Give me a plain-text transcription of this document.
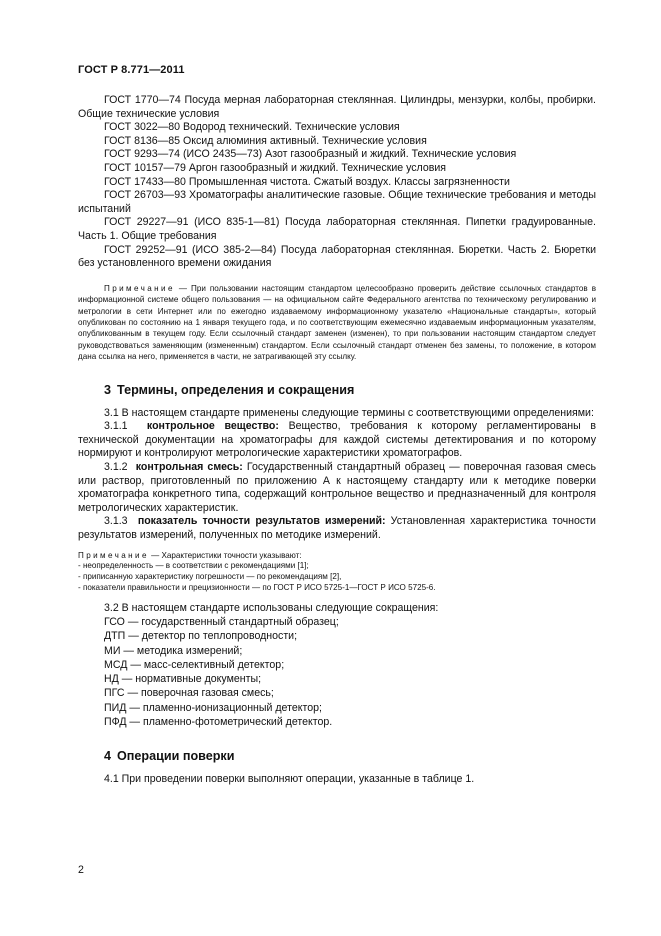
ГОСТ Р 8.771—2011

ГОСТ 1770—74 Посуда мерная лабораторная стеклянная. Цилиндры, мензурки, колбы, пробирки. Общие технические условия

ГОСТ 3022—80 Водород технический. Технические условия

ГОСТ 8136—85 Оксид алюминия активный. Технические условия

ГОСТ 9293—74 (ИСО 2435—73) Азот газообразный и жидкий. Технические условия

ГОСТ 10157—79 Аргон газообразный и жидкий. Технические условия

ГОСТ 17433—80 Промышленная чистота. Сжатый воздух. Классы загрязненности

ГОСТ 26703—93 Хроматографы аналитические газовые. Общие технические требования и методы испытаний

ГОСТ 29227—91 (ИСО 835-1—81) Посуда лабораторная стеклянная. Пипетки градуированные. Часть 1. Общие требования

ГОСТ 29252—91 (ИСО 385-2—84) Посуда лабораторная стеклянная. Бюретки. Часть 2. Бюретки без установленного времени ожидания

Примечание — При пользовании настоящим стандартом целесообразно проверить действие ссылочных стандартов в информационной системе общего пользования — на официальном сайте Федерального агентства по техническому регулированию и метрологии в сети Интернет или по ежегодно издаваемому информационному указателю «Национальные стандарты», который опубликован по состоянию на 1 января текущего года, и по соответствующим ежемесячно издаваемым информационным указателям, опубликованным в текущем году. Если ссылочный стандарт заменен (изменен), то при пользовании настоящим стандартом следует руководствоваться заменяющим (измененным) стандартом. Если ссылочный стандарт отменен без замены, то положение, в котором дана ссылка на него, применяется в части, не затрагивающей эту ссылку.

3 Термины, определения и сокращения

3.1 В настоящем стандарте применены следующие термины с соответствующими определениями:

3.1.1 контрольное вещество: Вещество, требования к которому регламентированы в технической документации на хроматографы для каждой системы детектирования и по которому нормируют и контролируют метрологические характеристики хроматографов.

3.1.2 контрольная смесь: Государственный стандартный образец — поверочная газовая смесь или раствор, приготовленный по приложению А к настоящему стандарту или к методике поверки хроматографа конкретного типа, содержащий контрольное вещество и предназначенный для контроля метрологических характеристик.

3.1.3 показатель точности результатов измерений: Установленная характеристика точности результатов измерений, полученных по методике измерений.

Примечание — Характеристики точности указывают:

- неопределенность — в соответствии с рекомендациями [1];

- приписанную характеристику погрешности — по рекомендациям [2],

- показатели правильности и прецизионности — по ГОСТ Р ИСО 5725-1—ГОСТ Р ИСО 5725-6.

3.2 В настоящем стандарте использованы следующие сокращения:

ГСО — государственный стандартный образец;

ДТП — детектор по теплопроводности;

МИ — методика измерений;

МСД — масс-селективный детектор;

НД — нормативные документы;

ПГС — поверочная газовая смесь;

ПИД — пламенно-ионизационный детектор;

ПФД — пламенно-фотометрический детектор.

4 Операции поверки

4.1 При проведении поверки выполняют операции, указанные в таблице 1.

2
